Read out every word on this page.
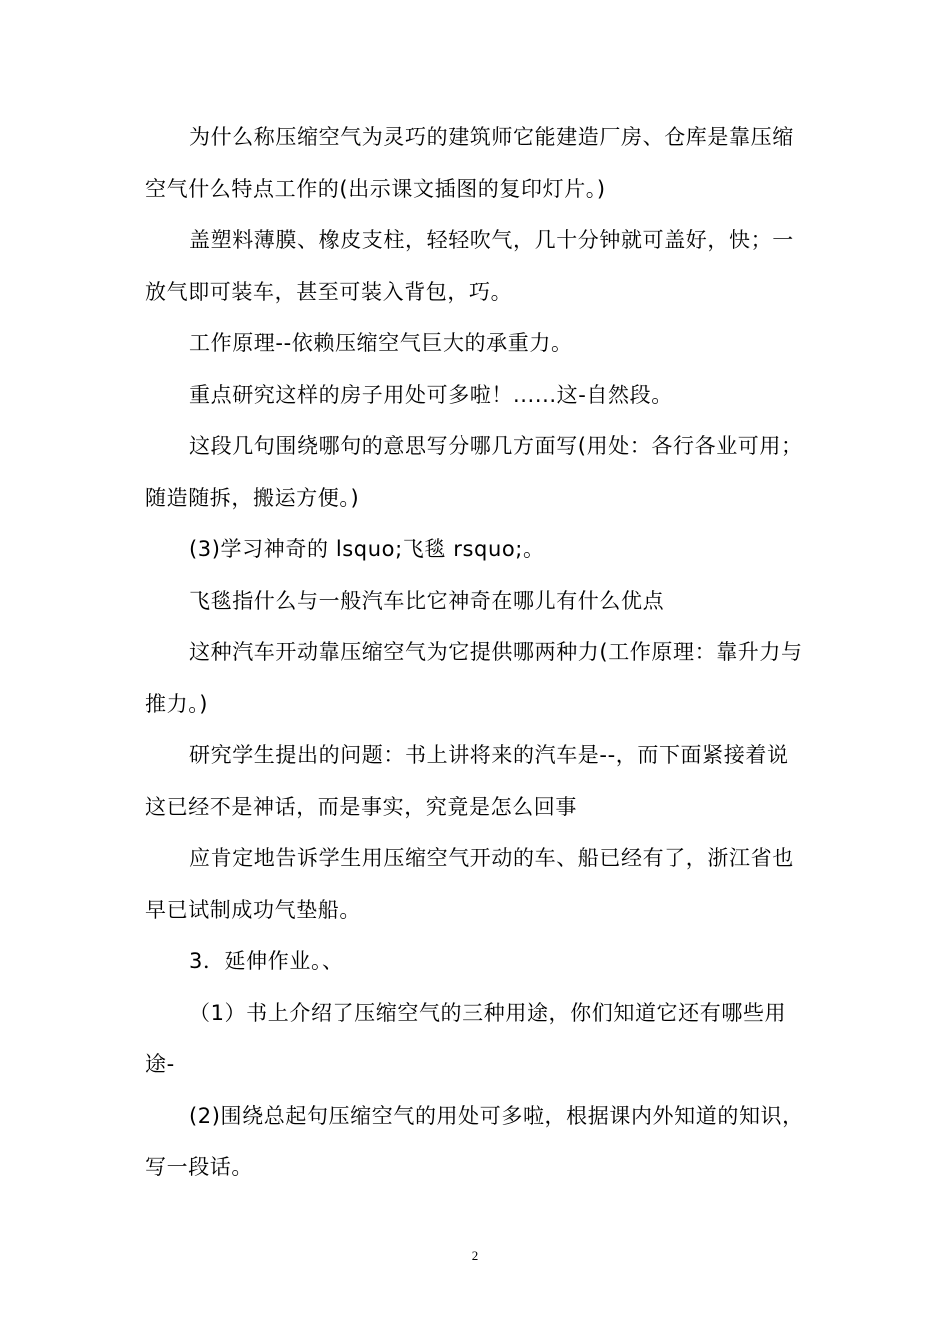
为什么称压缩空气为灵巧的建筑师它能建造厂房、仓库是靠压缩空气什么特点工作的(出示课文插图的复印灯片。)

盖塑料薄膜、橡皮支柱，轻轻吹气，几十分钟就可盖好，快；一放气即可装车，甚至可装入背包，巧。

工作原理--依赖压缩空气巨大的承重力。

重点研究这样的房子用处可多啦！......这-自然段。

这段几句围绕哪句的意思写分哪几方面写(用处：各行各业可用；随造随拆，搬运方便。)

(3)学习神奇的 lsquo;飞毯 rsquo;。

飞毯指什么与一般汽车比它神奇在哪儿有什么优点

这种汽车开动靠压缩空气为它提供哪两种力(工作原理：靠升力与推力。)

研究学生提出的问题：书上讲将来的汽车是--，而下面紧接着说这已经不是神话，而是事实，究竟是怎么回事

应肯定地告诉学生用压缩空气开动的车、船已经有了，浙江省也早已试制成功气垫船。

3．延伸作业。、

（1）书上介绍了压缩空气的三种用途，你们知道它还有哪些用途-

(2)围绕总起句压缩空气的用处可多啦，根据课内外知道的知识，写一段话。

2
